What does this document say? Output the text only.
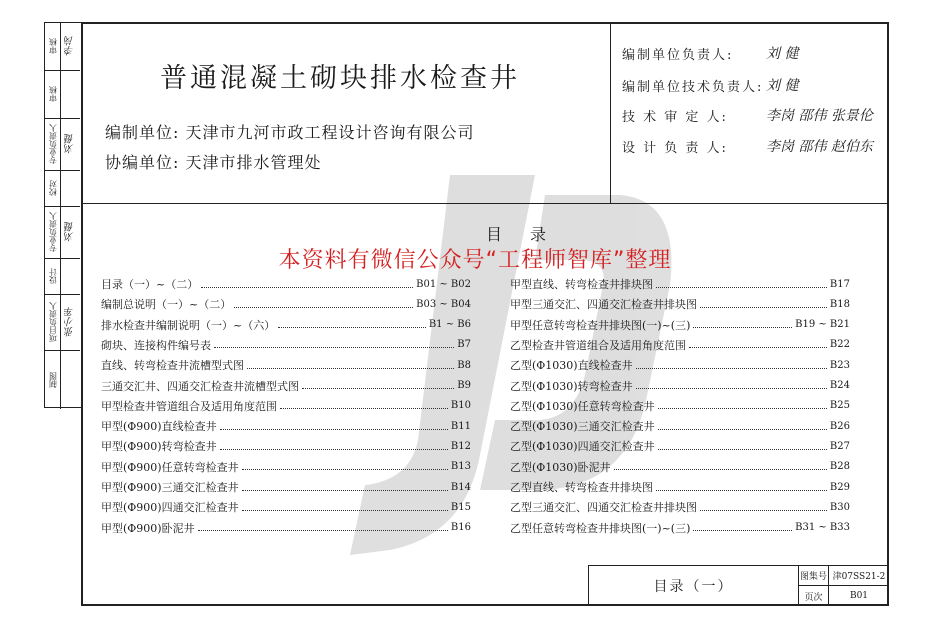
审核 李岗
审核
专业负责人 刘健
校对
专业负责人 刘健
设计
项目负责人 张小军
制图
普通混凝土砌块排水检查井
编制单位: 天津市九河市政工程设计咨询有限公司
协编单位: 天津市排水管理处
编制单位负责人:	刘 健
编制单位技术负责人: 刘 健
技 术 审 定 人:	李岗 邵伟 张景伦
设 计 负 责 人:	李岗 邵伟 赵伯东
目 录
本资料有微信公众号“工程师智库”整理
目录（一）~（二）	B01 ~ B02
编制总说明（一）~（二）	B03 ~ B04
排水检查井编制说明（一）~（六）	B1 ~ B6
砌块、连接构件编号表	B7
直线、转弯检查井流槽型式图	B8
三通交汇井、四通交汇检查井流槽型式图	B9
甲型检查井管道组合及适用角度范围	B10
甲型(Φ900)直线检查井	B11
甲型(Φ900)转弯检查井	B12
甲型(Φ900)任意转弯检查井	B13
甲型(Φ900)三通交汇检查井	B14
甲型(Φ900)四通交汇检查井	B15
甲型(Φ900)卧泥井	B16
甲型直线、转弯检查井排块图	B17
甲型三通交汇、四通交汇检查井排块图	B18
甲型任意转弯检查井排块图(一)~(三)	B19 ~ B21
乙型检查井管道组合及适用角度范围	B22
乙型(Φ1030)直线检查井	B23
乙型(Φ1030)转弯检查井	B24
乙型(Φ1030)任意转弯检查井	B25
乙型(Φ1030)三通交汇检查井	B26
乙型(Φ1030)四通交汇检查井	B27
乙型(Φ1030)卧泥井	B28
乙型直线、转弯检查井排块图	B29
乙型三通交汇、四通交汇检查井排块图	B30
乙型任意转弯检查井排块图(一)~(三)	B31 ~ B33
目录（一）
图集号 津07SS21-2
页次	B01
